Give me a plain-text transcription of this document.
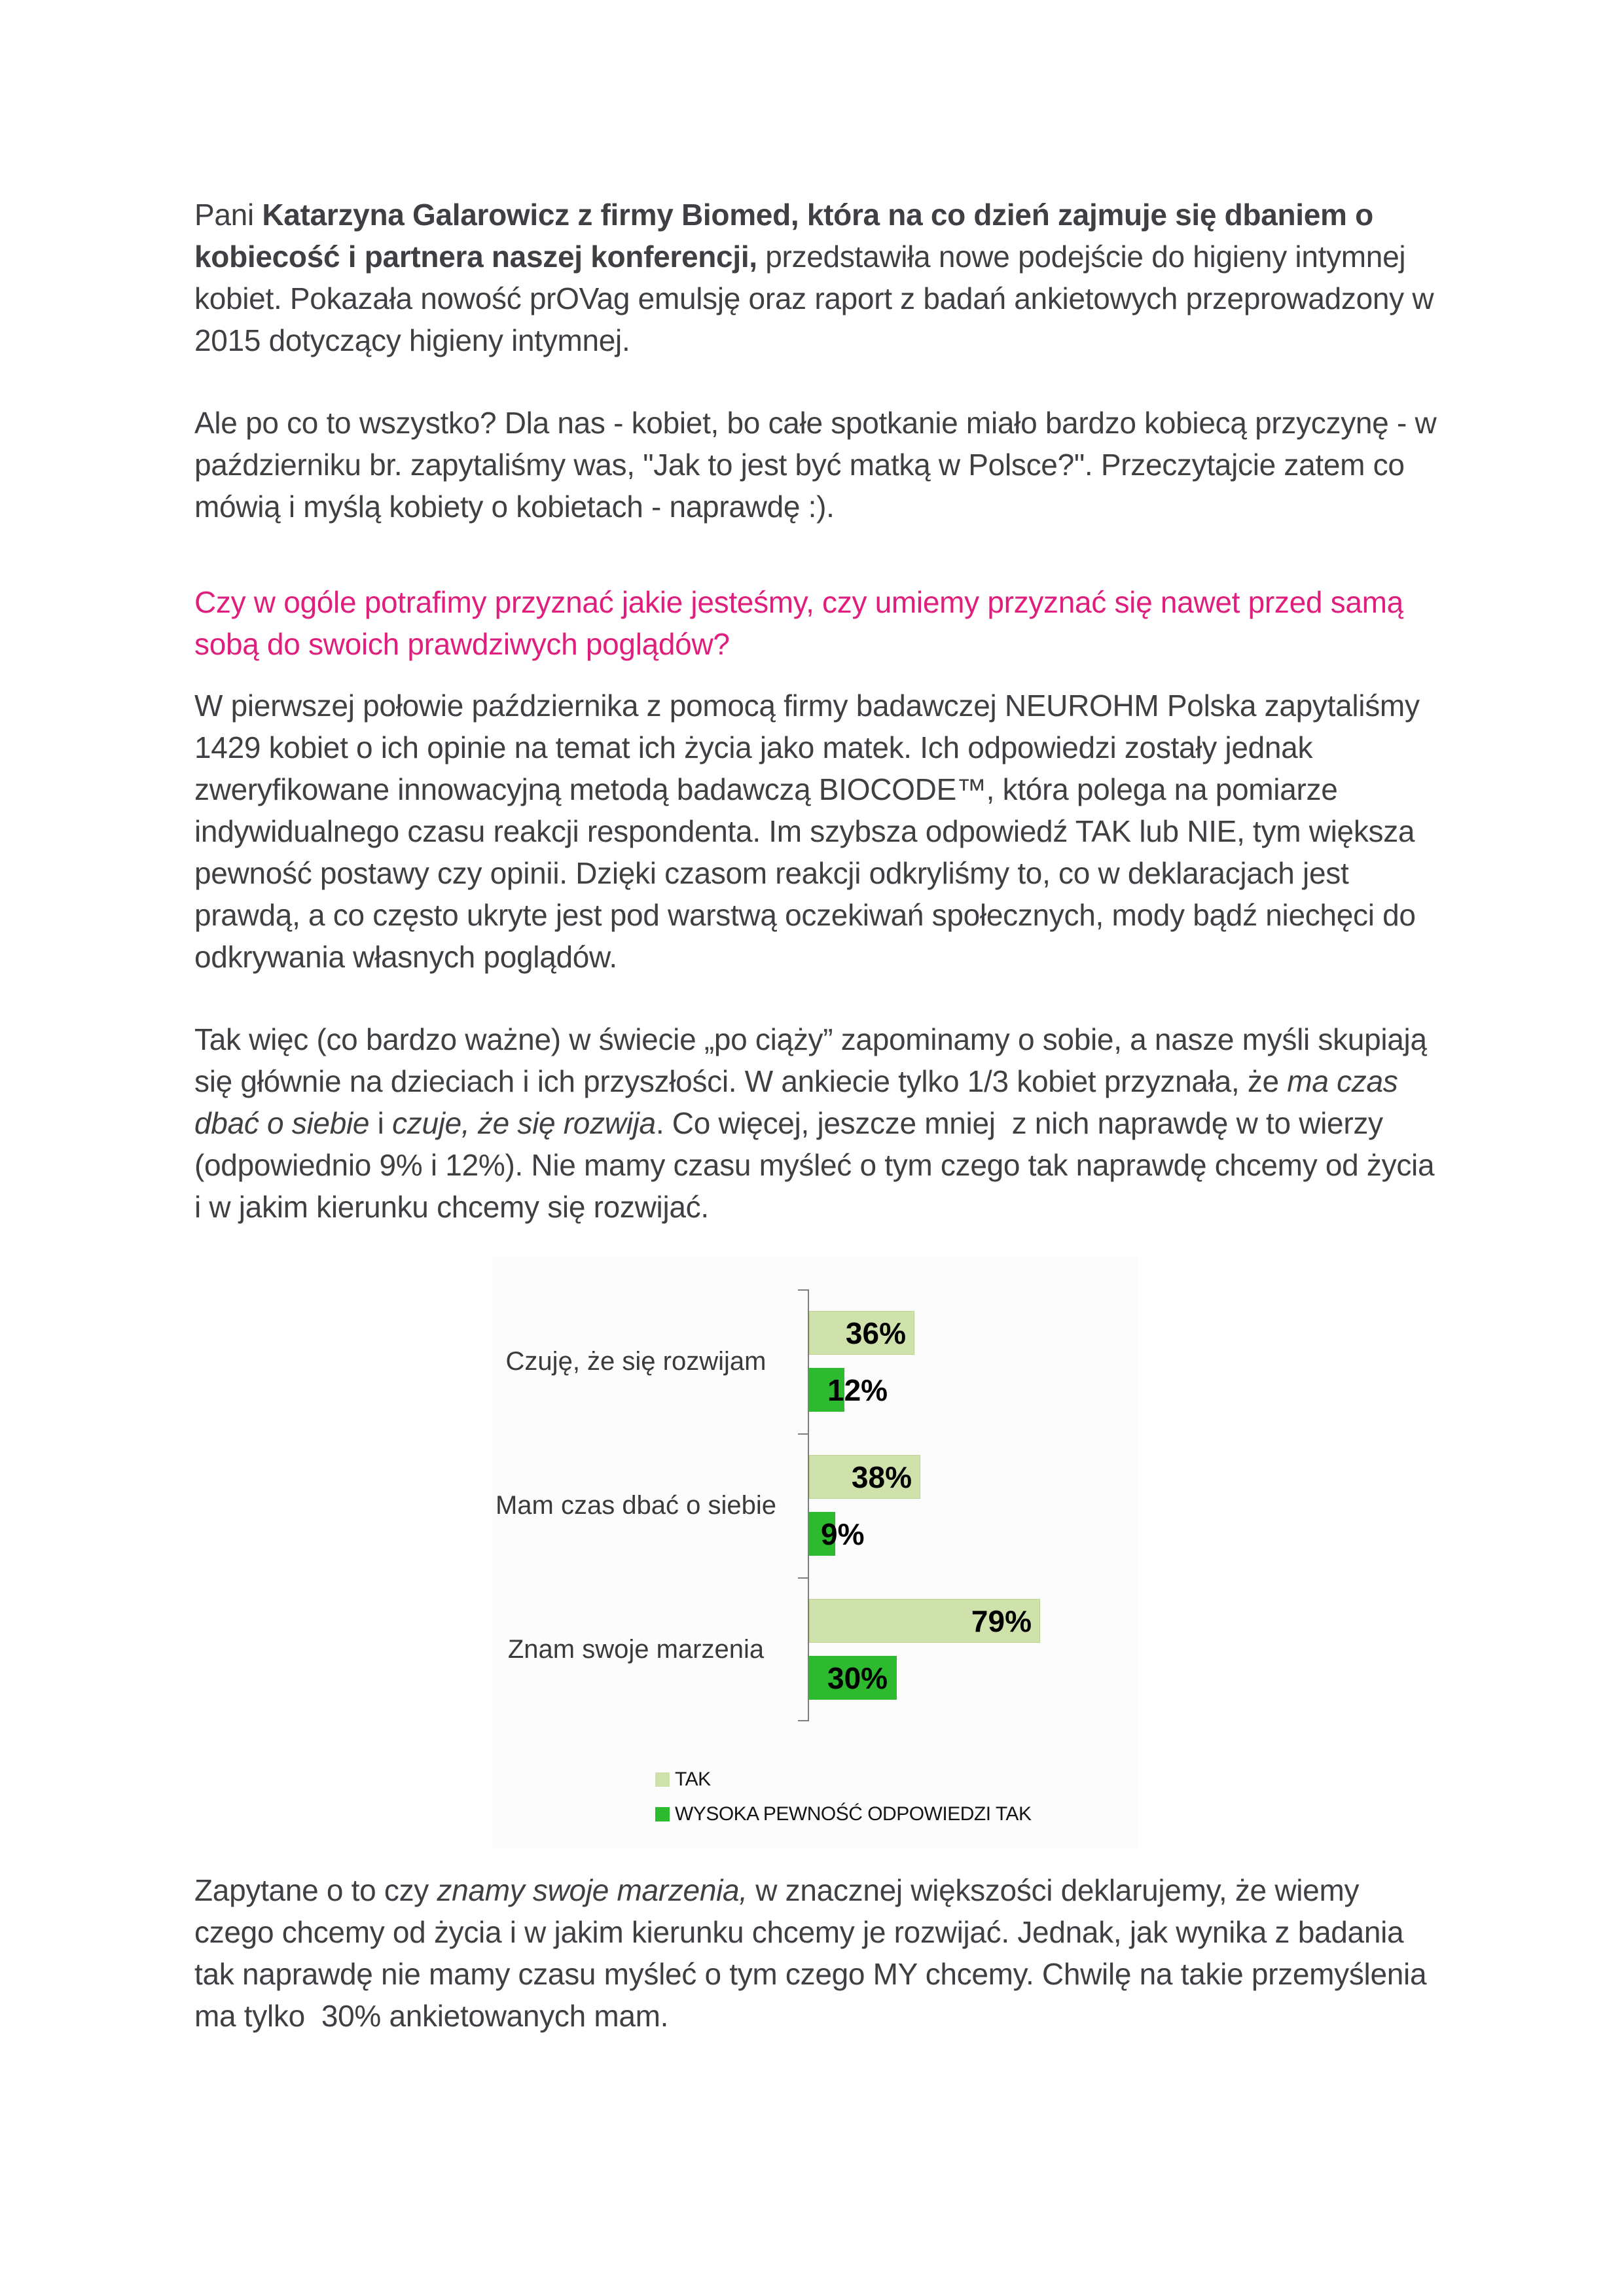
Pani Katarzyna Galarowicz z firmy Biomed, która na co dzień zajmuje się dbaniem o kobiecość i partnera naszej konferencji, przedstawiła nowe podejście do higieny intymnej kobiet. Pokazała nowość prOVag emulsję oraz raport z badań ankietowych przeprowadzony w 2015 dotyczący higieny intymnej.
Ale po co to wszystko? Dla nas - kobiet, bo całe spotkanie miało bardzo kobiecą przyczynę - w październiku br. zapytaliśmy was, "Jak to jest być matką w Polsce?". Przeczytajcie zatem co mówią i myślą kobiety o kobietach - naprawdę :).
Czy w ogóle potrafimy przyznać jakie jesteśmy, czy umiemy przyznać się nawet przed samą sobą do swoich prawdziwych poglądów?
W pierwszej połowie października z pomocą firmy badawczej NEUROHM Polska zapytaliśmy 1429 kobiet o ich opinie na temat ich życia jako matek. Ich odpowiedzi zostały jednak zweryfikowane innowacyjną metodą badawczą BIOCODE™, która polega na pomiarze indywidualnego czasu reakcji respondenta. Im szybsza odpowiedź TAK lub NIE, tym większa pewność postawy czy opinii. Dzięki czasom reakcji odkryliśmy to, co w deklaracjach jest prawdą, a co często ukryte jest pod warstwą oczekiwań społecznych, mody bądź niechęci do odkrywania własnych poglądów.
Tak więc (co bardzo ważne) w świecie „po ciąży” zapominamy o sobie, a nasze myśli skupiają się głównie na dzieciach i ich przyszłości. W ankiecie tylko 1/3 kobiet przyznała, że ma czas dbać o siebie i czuje, że się rozwija. Co więcej, jeszcze mniej  z nich naprawdę w to wierzy (odpowiednio 9% i 12%). Nie mamy czasu myśleć o tym czego tak naprawdę chcemy od życia i w jakim kierunku chcemy się rozwijać.
Zapytane o to czy znamy swoje marzenia, w znacznej większości deklarujemy, że wiemy czego chcemy od życia i w jakim kierunku chcemy je rozwijać. Jednak, jak wynika z badania tak naprawdę nie mamy czasu myśleć o tym czego MY chcemy. Chwilę na takie przemyślenia ma tylko  30% ankietowanych mam.
Czuję, że się rozwijam
36%
12%
Mam czas dbać o siebie
38%
9%
Znam swoje marzenia
79%
30%
TAK
WYSOKA PEWNOŚĆ ODPOWIEDZI TAK
